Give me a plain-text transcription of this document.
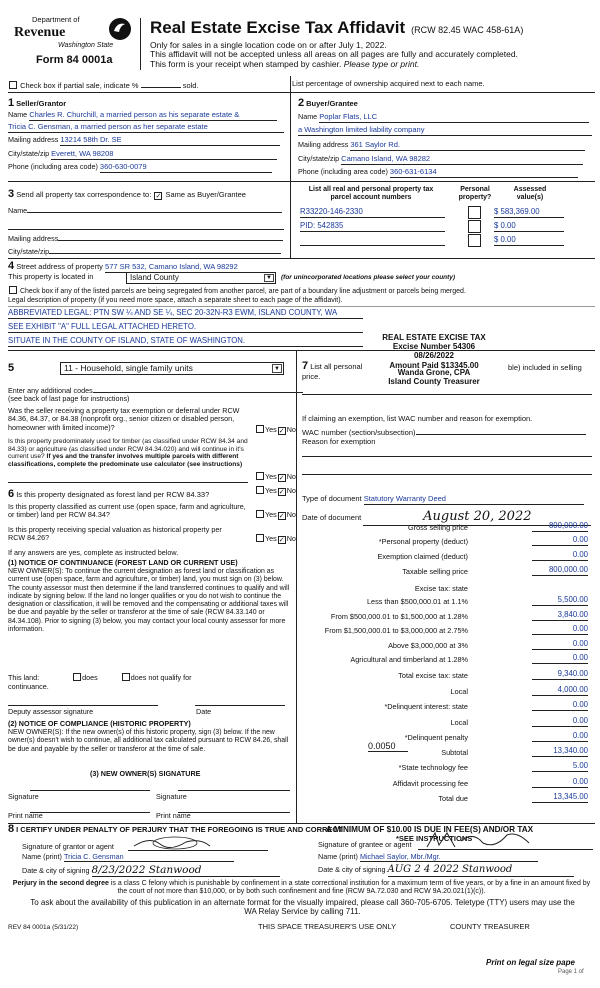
Department of
Revenue
Washington State
Form 84 0001a
Real Estate Excise Tax Affidavit (RCW 82.45 WAC 458-61A)
Only for sales in a single location code on or after July 1, 2022.
This affidavit will not be accepted unless all areas on all pages are fully and accurately completed.
This form is your receipt when stamped by cashier. Please type or print.
Check box if partial sale, indicate %	sold.	List percentage of ownership acquired next to each name.
1 Seller/Grantor
Name Charles R. Churchill, a married person as his separate estate &
Tricia C. Gensman, a married person as her separate estate
Mailing address 13214 58th Dr. SE
City/state/zip Everett, WA 98208
Phone (including area code) 360-630-0079
2 Buyer/Grantee
Name Poplar Flats, LLC
a Washington limited liability company
Mailing address 361 Saylor Rd.
City/state/zip Camano Island, WA 98282
Phone (including area code) 360-631-6134
3 Send all property tax correspondence to: ✓ Same as Buyer/Grantee
Name
Mailing address
City/state/zip
List all real and personal property tax parcel account numbers
Personal property?
Assessed value(s)
R33220-146-2330	$ 583,369.00
PID: 542835	$ 0.00
$ 0.00
4 Street address of property 577 SR 532, Camano Island, WA 98292
This property is located in	Island County	▼	(for unincorporated locations please select your county)
Check box if any of the listed parcels are being segregated from another parcel, are part of a boundary line adjustment or parcels being merged.
Legal description of property (if you need more space, attach a separate sheet to each page of the affidavit).
ABBREVIATED LEGAL: PTN SW ¼ AND SE ¼, SEC 20-32N-R3 EWM, ISLAND COUNTY, WA
SEE EXHIBIT "A" FULL LEGAL ATTACHED HERETO.
SITUATE IN THE COUNTY OF ISLAND, STATE OF WASHINGTON.	REAL ESTATE EXCISE TAX
Excise Number 54306
08/26/2022
Amount Paid $13345.00
Wanda Grone, CPA
Island County Treasurer
5	11 - Household, single family units	▼
Enter any additional codes
(see back of last page for instructions)
Was the seller receiving a property tax exemption or deferral under RCW 84.36, 84.37, or 84.38 (nonprofit org., senior citizen or disabled person, homeowner with limited income)?	Yes ✓ No
Is this property predominately used for timber (as classified under RCW 84.34 and 84.33) or agriculture (as classified under RCW 84.34.020) and will continue in it's current use? If yes and the transfer involves multiple parcels with different classifications, complete the predominate use calculator (see instructions)
Yes ✓ No
7 List all personal
price.
ble) included in selling
If claiming an exemption, list WAC number and reason for exemption.
WAC number (section/subsection)
Reason for exemption
Type of document Statutory Warranty Deed
Date of document	August 20, 2022
Gross selling price	800,000.00
*Personal property (deduct)	0.00
Exemption claimed (deduct)	0.00
Taxable selling price	800,000.00
Excise tax: state
Less than $500,000.01 at 1.1%	5,500.00
From $500,000.01 to $1,500,000 at 1.28%	3,840.00
From $1,500,000.01 to $3,000,000 at 2.75%	0.00
Above $3,000,000 at 3%	0.00
Agricultural and timberland at 1.28%	0.00
Total excise tax: state	9,340.00
Local	4,000.00
*Delinquent interest: state	0.00
Local	0.00
*Delinquent penalty	0.00
Subtotal	13,340.00
*State technology fee	5.00
Affidavit processing fee	0.00
Total due	13,345.00
0.0050
A MINIMUM OF $10.00 IS DUE IN FEE(S) AND/OR TAX
*SEE INSTRUCTIONS
6 Is this property designated as forest land per RCW 84.33?	Yes ✓ No
Is this property classified as current use (open space, farm and agriculture, or timber) land per RCW 84.34?	Yes ✓ No
Is this property receiving special valuation as historical property per RCW 84.26?	Yes ✓ No
If any answers are yes, complete as instructed below.
(1) NOTICE OF CONTINUANCE (FOREST LAND OR CURRENT USE)
NEW OWNER(S): To continue the current designation as forest land or classification as current use (open space, farm and agriculture, or timber) land, you must sign on (3) below. The county assessor must then determine if the land transferred continues to qualify and will indicate by signing below. If the land no longer qualifies or you do not wish to continue the designation or classification, it will be removed and the compensating or additional taxes will be due and payable by the seller or transferor at the time of sale (RCW 84.33.140 or 84.34.108). Prior to signing (3) below, you may contact your local county assessor for more information.
This land:	does	does not qualify for
continuance.
Deputy assessor signature	Date
(2) NOTICE OF COMPLIANCE (HISTORIC PROPERTY)
NEW OWNER(S): If the new owner(s) of this historic property, sign (3) below. If the new owner(s) doesn't wish to continue, all additional tax calculated pursuant to RCW 84.26, shall be due and payable by the seller or transferor at the time of sale.
(3) NEW OWNER(S) SIGNATURE
Signature	Signature
Print name	Print name
8 I CERTIFY UNDER PENALTY OF PERJURY THAT THE FOREGOING IS TRUE AND CORRECT
Signature of grantor or agent
Name (print) Tricia C. Gensman
Date & city of signing 8/23/2022 Stanwood
Signature of grantee or agent
Name (print) Michael Saylor, Mbr./Mgr.
Date & city of signing AUG 2 4 2022 Stanwood
Perjury in the second degree is a class C felony which is punishable by confinement in a state correctional institution for a maximum term of five years, or by a fine in an amount fixed by the court of not more than $10,000, or by both such confinement and fine (RCW 9A.72.030 and RCW 9A.20.021(1)(c)).
To ask about the availability of this publication in an alternate format for the visually impaired, please call 360-705-6705. Teletype (TTY) users may use the WA Relay Service by calling 711.
REV 84 0001a (5/31/22)	THIS SPACE TREASURER'S USE ONLY	COUNTY TREASURER
Print on legal size pape
Page 1 of
